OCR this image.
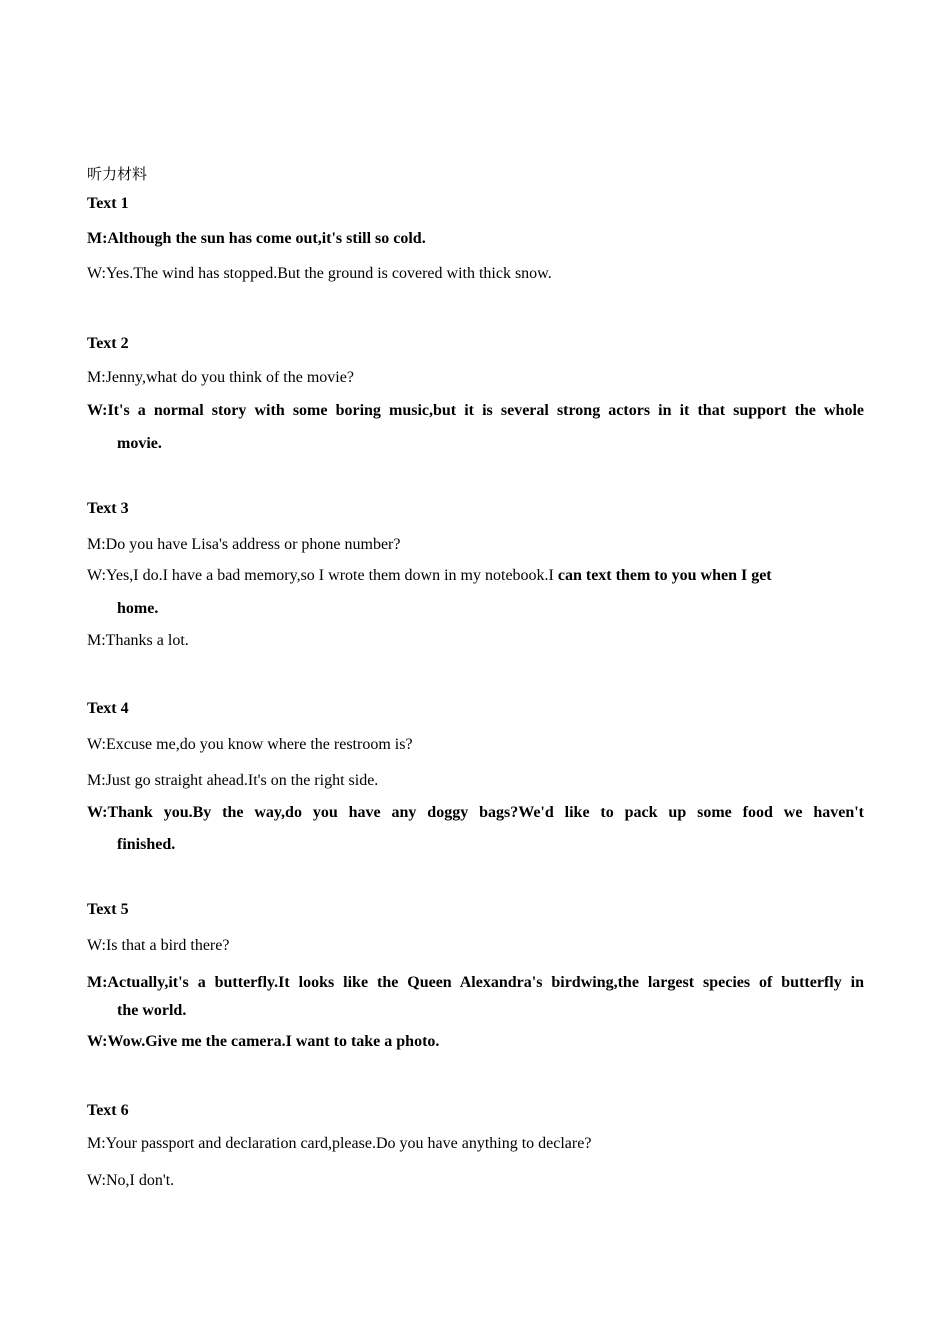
听力材料
Text 1
M:Although the sun has come out,it's still so cold.
W:Yes.The wind has stopped.But the ground is covered with thick snow.
Text 2
M:Jenny,what do you think of the movie?
W:It's a normal story with some boring music,but it is several strong actors in it that support the whole
movie.
Text 3
M:Do you have Lisa's address or phone number?
W:Yes,I do.I have a bad memory,so I wrote them down in my notebook.I can text them to you when I get
home.
M:Thanks a lot.
Text 4
W:Excuse me,do you know where the restroom is?
M:Just go straight ahead.It's on the right side.
W:Thank you.By the way,do you have any doggy bags?We'd like to pack up some food we haven't
finished.
Text 5
W:Is that a bird there?
M:Actually,it's a butterfly.It looks like the Queen Alexandra's birdwing,the largest species of butterfly in
the world.
W:Wow.Give me the camera.I want to take a photo.
Text 6
M:Your passport and declaration card,please.Do you have anything to declare?
W:No,I don't.
